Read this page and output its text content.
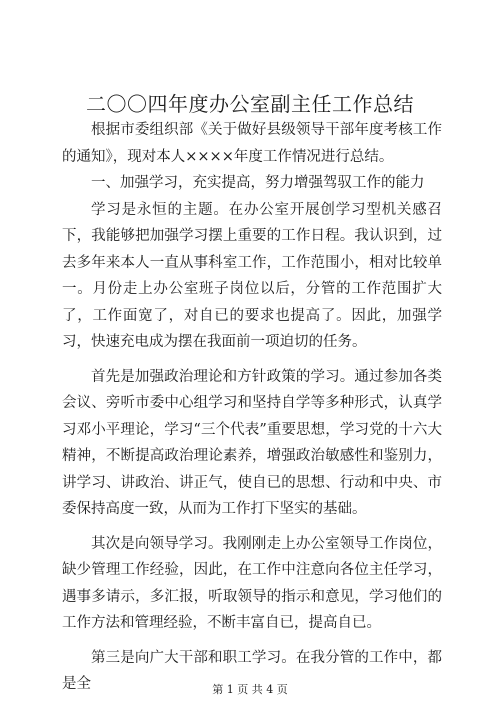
二〇〇四年度办公室副主任工作总结

根据市委组织部《关于做好县级领导干部年度考核工作的通知》，现对本人××××年度工作情况进行总结。

一、加强学习，充实提高，努力增强驾驭工作的能力

学习是永恒的主题。在办公室开展创学习型机关感召下，我能够把加强学习摆上重要的工作日程。我认识到，过去多年来本人一直从事科室工作，工作范围小，相对比较单一。月份走上办公室班子岗位以后，分管的工作范围扩大了，工作面宽了，对自已的要求也提高了。因此，加强学习，快速充电成为摆在我面前一项迫切的任务。

首先是加强政治理论和方针政策的学习。通过参加各类会议、旁听市委中心组学习和坚持自学等多种形式，认真学习邓小平理论，学习“三个代表”重要思想，学习党的十六大精神，不断提高政治理论素养，增强政治敏感性和鉴别力，讲学习、讲政治、讲正气，使自已的思想、行动和中央、市委保持高度一致，从而为工作打下坚实的基础。

其次是向领导学习。我刚刚走上办公室领导工作岗位，缺少管理工作经验，因此，在工作中注意向各位主任学习，遇事多请示，多汇报，听取领导的指示和意见，学习他们的工作方法和管理经验，不断丰富自已，提高自已。

第三是向广大干部和职工学习。在我分管的工作中，都是全	第 1 页 共 4 页
